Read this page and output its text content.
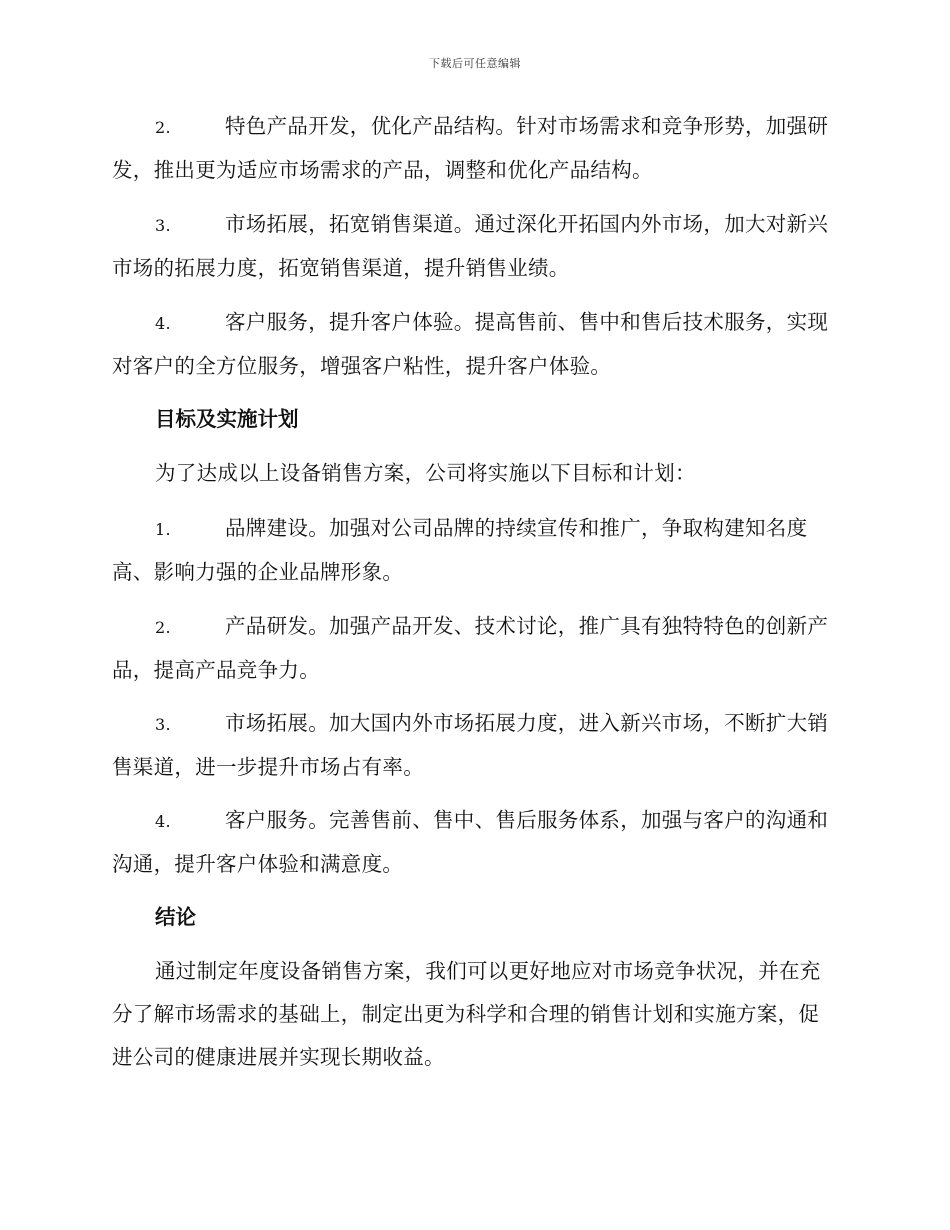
下载后可任意编辑
2.	特色产品开发，优化产品结构。针对市场需求和竞争形势，加强研发，推出更为适应市场需求的产品，调整和优化产品结构。
3.	市场拓展，拓宽销售渠道。通过深化开拓国内外市场，加大对新兴市场的拓展力度，拓宽销售渠道，提升销售业绩。
4.	客户服务，提升客户体验。提高售前、售中和售后技术服务，实现对客户的全方位服务，增强客户粘性，提升客户体验。
目标及实施计划
为了达成以上设备销售方案，公司将实施以下目标和计划：
1.	品牌建设。加强对公司品牌的持续宣传和推广，争取构建知名度高、影响力强的企业品牌形象。
2.	产品研发。加强产品开发、技术讨论，推广具有独特特色的创新产品，提高产品竞争力。
3.	市场拓展。加大国内外市场拓展力度，进入新兴市场，不断扩大销售渠道，进一步提升市场占有率。
4.	客户服务。完善售前、售中、售后服务体系，加强与客户的沟通和沟通，提升客户体验和满意度。
结论
通过制定年度设备销售方案，我们可以更好地应对市场竞争状况，并在充分了解市场需求的基础上，制定出更为科学和合理的销售计划和实施方案，促进公司的健康进展并实现长期收益。
